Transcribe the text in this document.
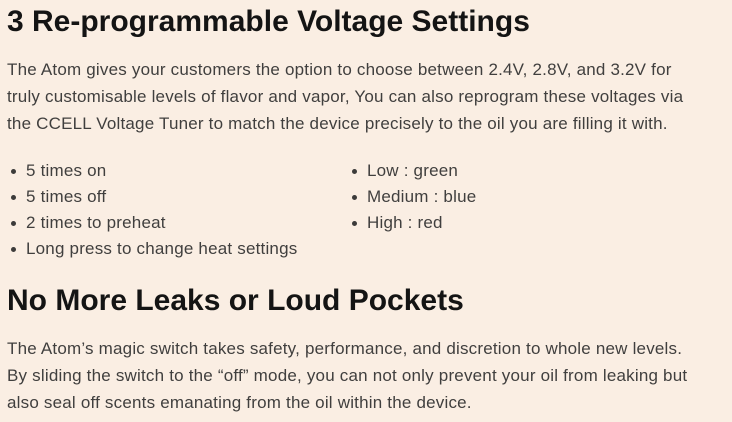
3 Re-programmable Voltage Settings
The Atom gives your customers the option to choose between 2.4V, 2.8V, and 3.2V for
truly customisable levels of flavor and vapor, You can also reprogram these voltages via
the CCELL Voltage Tuner to match the device precisely to the oil you are filling it with.
5 times on
5 times off
2 times to preheat
Long press to change heat settings
Low : green
Medium : blue
High : red
No More Leaks or Loud Pockets
The Atom’s magic switch takes safety, performance, and discretion to whole new levels.
By sliding the switch to the “off” mode, you can not only prevent your oil from leaking but
also seal off scents emanating from the oil within the device.
